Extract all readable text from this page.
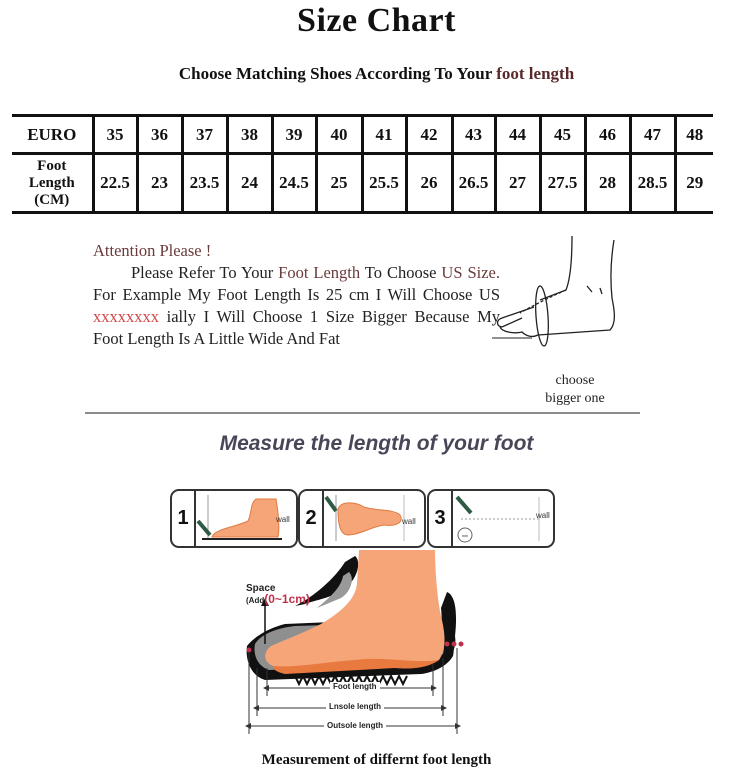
Size Chart
Choose Matching Shoes According To Your foot length
EURO	35	36	37	38	39	40	41	42	43	44	45	46	47	48

Foot
Length
(CM)	22.5	23	23.5	24	24.5	25	25.5	26	26.5	27	27.5	28	28.5	29
Attention Please !
Please Refer To Your Foot Length To Choose US Size. For Example My Foot Length Is 25 cm I Will Choose US xxxxxxxx ially I Will Choose 1 Size Bigger Because My Foot Length Is A Little Wide And Fat
choose
bigger one
Measure the length of your foot
1	wall 2	wall 3
mm
wall
Space
(Add(0~1cm)
Foot length
Lnsole length
Outsole length
Measurement of differnt foot length
